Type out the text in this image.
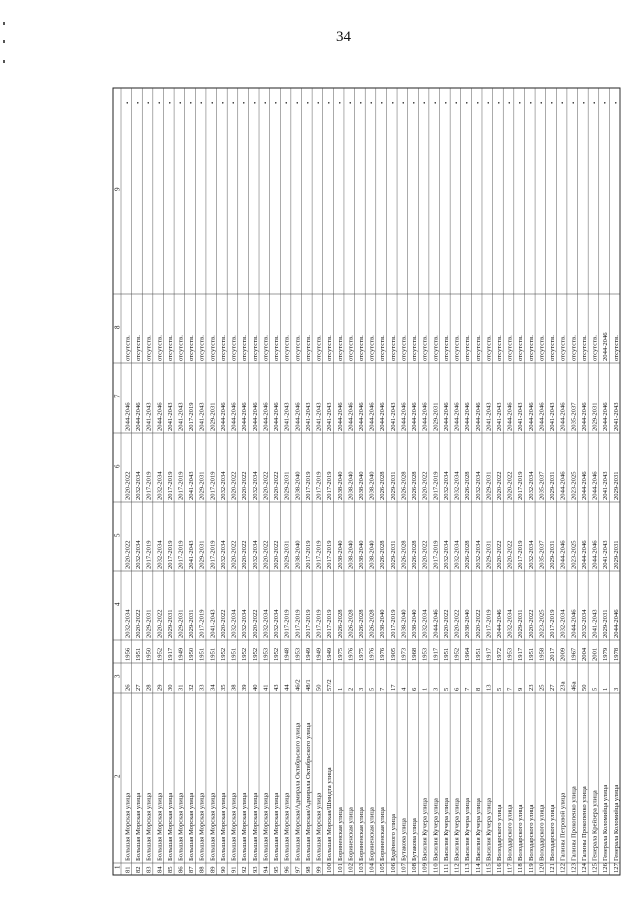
34
1
2
3
4
5
6
7
8
9
81
Большая Морская улица
26
1956
2032-2034
2020-2022
2020-2022
2044-2046
отсутств.
•
82
Большая Морская улица
27
1951
2020-2022
2032-2034
2032-2034
2044-2046
отсутств.
•
83
Большая Морская улица
28
1950
2029-2031
2017-2019
2017-2019
2041-2043
отсутств.
•
84
Большая Морская улица
29
1952
2020-2022
2032-2034
2032-2034
2044-2046
отсутств.
•
85
Большая Морская улица
30
1917
2029-2031
2017-2019
2017-2019
2041-2043
отсутств.
•
86
Большая Морская улица
31
1949
2029-2031
2017-2019
2017-2019
2041-2043
отсутств.
•
87
Большая Морская улица
32
1950
2029-2031
2041-2043
2041-2043
2017-2019
отсутств.
•
88
Большая Морская улица
33
1951
2017-2019
2029-2031
2029-2031
2041-2043
отсутств.
•
89
Большая Морская улица
34
1951
2041-2043
2017-2019
2017-2019
2029-2031
отсутств.
•
90
Большая Морская улица
35
1952
2020-2022
2032-2034
2032-2034
2044-2046
отсутств.
•
91
Большая Морская улица
38
1951
2032-2034
2020-2022
2020-2022
2044-2046
отсутств.
•
92
Большая Морская улица
39
1952
2032-2034
2020-2022
2020-2022
2044-2046
отсутств.
•
93
Большая Морская улица
40
1952
2020-2022
2032-2034
2032-2034
2044-2046
отсутств.
•
94
Большая Морская улица
41
1953
2032-2034
2020-2022
2020-2022
2044-2046
отсутств.
•
95
Большая Морская улица
43
1952
2032-2034
2020-2022
2020-2022
2044-2046
отсутств.
•
96
Большая Морская улица
44
1948
2017-2019
2029-2031
2029-2031
2041-2043
отсутств.
•
97
Большая Морская/Адмирала Октябрьского улица
46/2
1953
2017-2019
2038-2040
2038-2040
2044-2046
отсутств.
•
98
Большая Морская/Адмирала Октябрьского улица
48/1
1949
2017-2019
2017-2019
2017-2019
2041-2043
отсутств.
•
99
Большая Морская улица
50
1949
2017-2019
2017-2019
2017-2019
2041-2043
отсутств.
•
100
Большая Морская/Шмидта улица
57/2
1949
2017-2019
2017-2019
2017-2019
2041-2043
отсутств.
•
101
Бориненская улица
1
1975
2026-2028
2038-2040
2038-2040
2044-2046
отсутств.
•
102
Бориненская улица
2
1976
2026-2028
2038-2040
2038-2040
2044-2046
отсутств.
•
103
Бориненская улица
3
1975
2026-2028
2038-2040
2038-2040
2044-2046
отсутств.
•
104
Бориненская улица
5
1976
2026-2028
2038-2040
2038-2040
2044-2046
отсутств.
•
105
Бориненская улица
7
1976
2038-2040
2026-2028
2026-2028
2044-2046
отсутств.
•
106
Будённого улица
17
1905
2017-2019
2029-2031
2029-2031
2041-2043
отсутств.
•
107
Бутакова улица
4
1973
2038-2040
2026-2028
2026-2028
2044-2046
отсутств.
•
108
Бутакова улица
6
1968
2038-2040
2026-2028
2026-2028
2044-2046
отсутств.
•
109
Василия Кучера улица
1
1953
2032-2034
2020-2022
2020-2022
2044-2046
отсутств.
•
110
Василия Кучера улица
3
1917
2044-2046
2017-2019
2017-2019
2029-2031
отсутств.
•
111
Василия Кучера улица
5
1951
2020-2022
2032-2034
2032-2034
2044-2046
отсутств.
•
112
Василия Кучера улица
6
1952
2020-2022
2032-2034
2032-2034
2044-2046
отсутств.
•
113
Василия Кучера улица
7
1964
2038-2040
2026-2028
2026-2028
2044-2046
отсутств.
•
114
Василия Кучера улица
8
1951
2020-2022
2032-2034
2032-2034
2044-2046
отсутств.
•
115
Василия Кучера улица
13
1917
2017-2019
2029-2031
2029-2031
2041-2043
отсутств.
•
116
Володарского улица
5
1972
2044-2046
2020-2022
2020-2022
2041-2043
отсутств.
•
117
Володарского улица
7
1953
2032-2034
2020-2022
2020-2022
2044-2046
отсутств.
•
118
Володарского улица
9
1917
2029-2031
2017-2019
2017-2019
2041-2043
отсутств.
•
119
Володарского улица
23
1951
2020-2022
2032-2034
2032-2034
2044-2046
отсутств.
•
120
Володарского улица
25
1958
2023-2025
2035-2037
2035-2037
2044-2046
отсутств.
•
121
Володарского улица
27
2017
2017-2019
2029-2031
2029-2031
2041-2043
отсутств.
•
122
Галины Петровой улица
23а
2009
2032-2034
2044-2046
2044-2046
2044-2046
отсутств.
•
123
Галины Прокопенко улица
46а
1967
2044-2046
2023-2025
2023-2025
2035-2037
отсутств.
•
124
Галины Прокопенко улица
50
2004
2032-2034
2044-2046
2044-2046
2044-2046
отсутств.
•
125
Генерала Крейзера улица
5
2001
2041-2043
2044-2046
2044-2046
2029-2031
отсутств.
•
126
Генерала Коломийца улица
1
1979
2029-2031
2041-2043
2041-2043
2044-2046
2044-2046
•
127
Генерала Коломийца улица
3
1978
2044-2046
2029-2031
2029-2031
2041-2043
отсутств.
•
